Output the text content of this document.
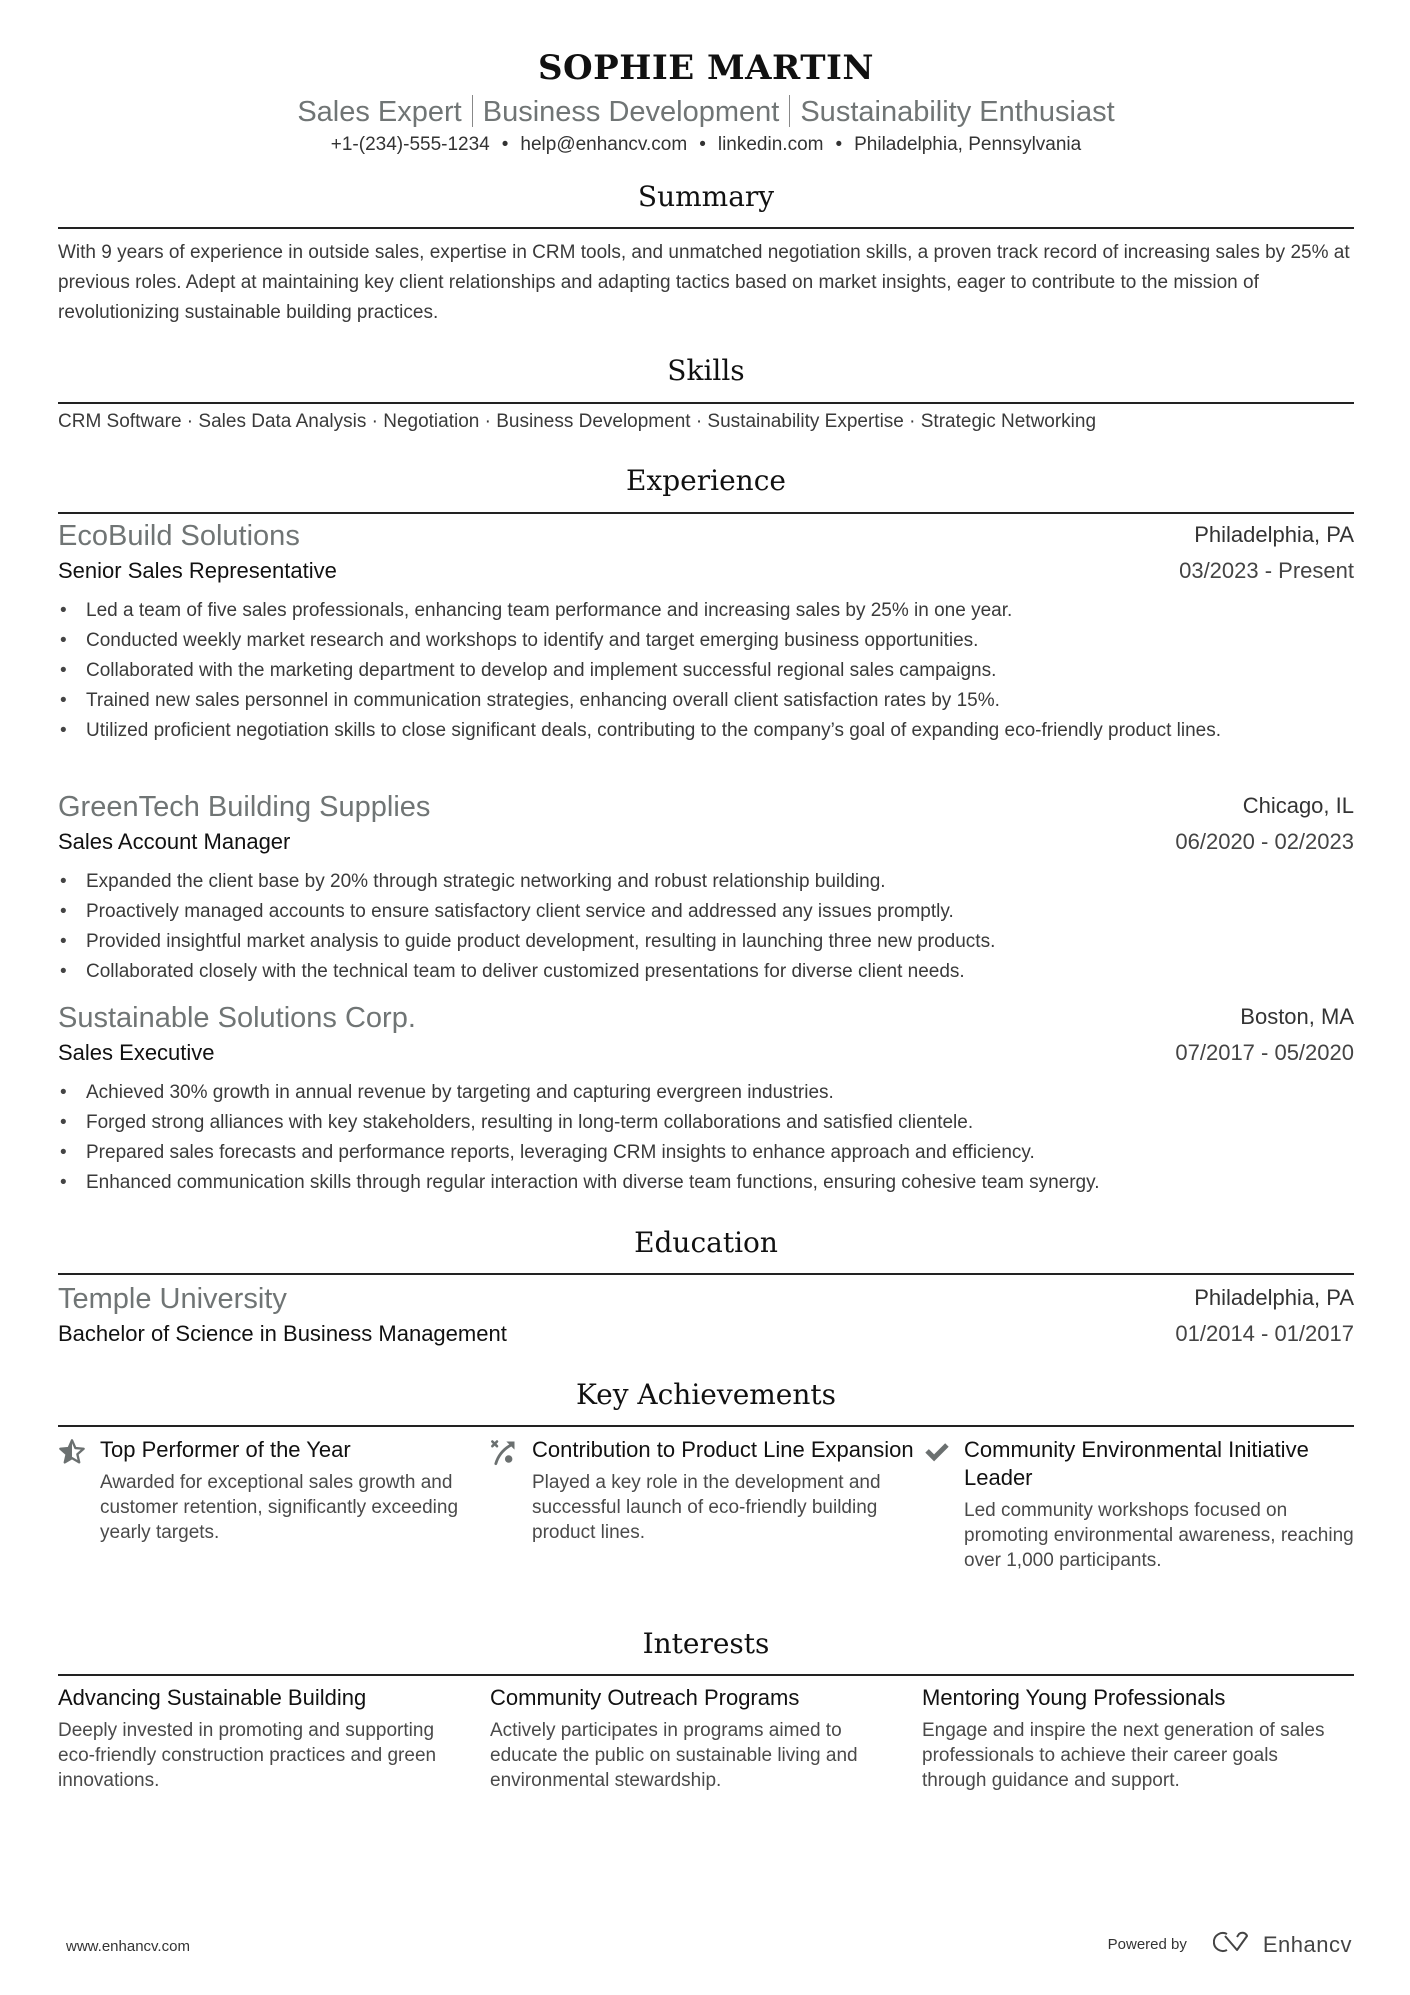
SOPHIE MARTIN
Sales Expert Business Development Sustainability Enthusiast
+1-(234)-555-1234 • help@enhancv.com • linkedin.com • Philadelphia, Pennsylvania
Summary
With 9 years of experience in outside sales, expertise in CRM tools, and unmatched negotiation skills, a proven track record of increasing sales by 25% at previous roles. Adept at maintaining key client relationships and adapting tactics based on market insights, eager to contribute to the mission of revolutionizing sustainable building practices.
Skills
CRM Software · Sales Data Analysis · Negotiation · Business Development · Sustainability Expertise · Strategic Networking
Experience
EcoBuild Solutions	Philadelphia, PA
Senior Sales Representative	03/2023 - Present
• Led a team of five sales professionals, enhancing team performance and increasing sales by 25% in one year.
• Conducted weekly market research and workshops to identify and target emerging business opportunities.
• Collaborated with the marketing department to develop and implement successful regional sales campaigns.
• Trained new sales personnel in communication strategies, enhancing overall client satisfaction rates by 15%.
• Utilized proficient negotiation skills to close significant deals, contributing to the company’s goal of expanding eco-friendly product lines.
GreenTech Building Supplies	Chicago, IL
Sales Account Manager	06/2020 - 02/2023
• Expanded the client base by 20% through strategic networking and robust relationship building.
• Proactively managed accounts to ensure satisfactory client service and addressed any issues promptly.
• Provided insightful market analysis to guide product development, resulting in launching three new products.
• Collaborated closely with the technical team to deliver customized presentations for diverse client needs.
Sustainable Solutions Corp.	Boston, MA
Sales Executive	07/2017 - 05/2020
• Achieved 30% growth in annual revenue by targeting and capturing evergreen industries.
• Forged strong alliances with key stakeholders, resulting in long-term collaborations and satisfied clientele.
• Prepared sales forecasts and performance reports, leveraging CRM insights to enhance approach and efficiency.
• Enhanced communication skills through regular interaction with diverse team functions, ensuring cohesive team synergy.
Education
Temple University	Philadelphia, PA
Bachelor of Science in Business Management	01/2014 - 01/2017
Key Achievements
Top Performer of the Year
Awarded for exceptional sales growth and customer retention, significantly exceeding yearly targets.
Contribution to Product Line Expansion
Played a key role in the development and successful launch of eco-friendly building product lines.
Community Environmental Initiative Leader
Led community workshops focused on promoting environmental awareness, reaching over 1,000 participants.
Interests
Advancing Sustainable Building
Deeply invested in promoting and supporting eco-friendly construction practices and green innovations.
Community Outreach Programs
Actively participates in programs aimed to educate the public on sustainable living and environmental stewardship.
Mentoring Young Professionals
Engage and inspire the next generation of sales professionals to achieve their career goals through guidance and support.
www.enhancv.com	Powered by	Enhancv
